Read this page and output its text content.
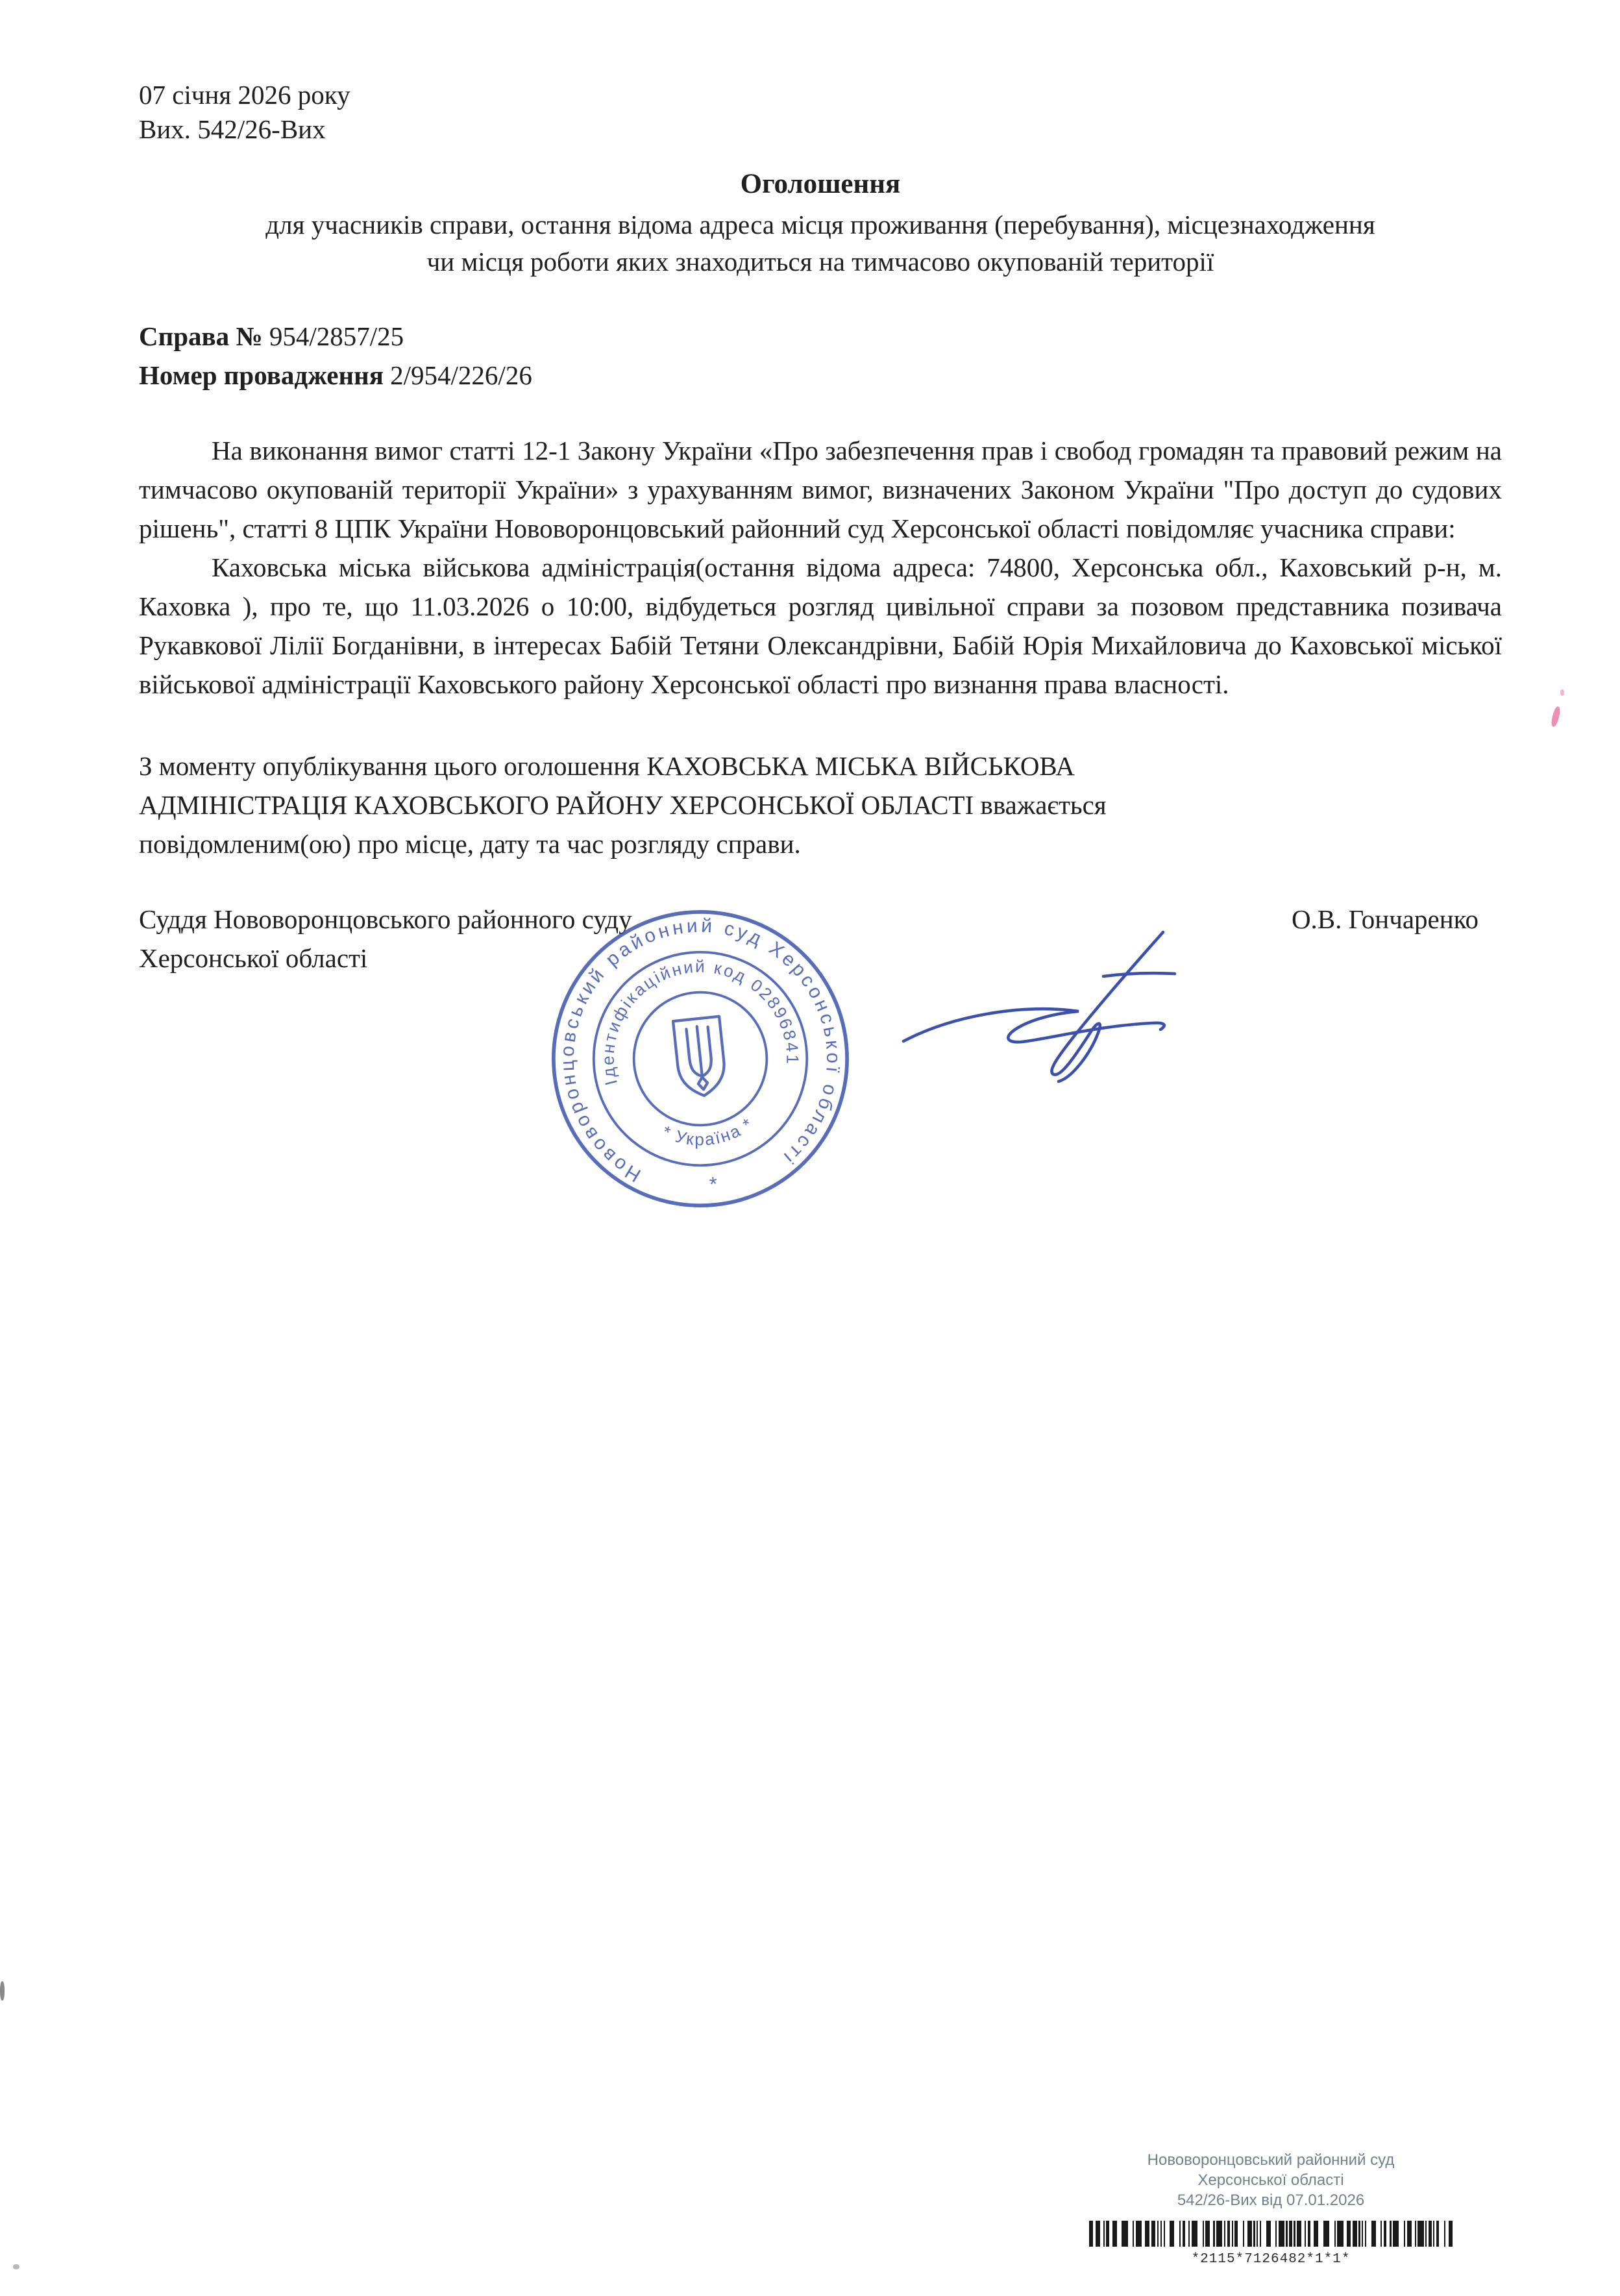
07 січня 2026 року
Вих. 542/26-Вих
Оголошення
для учасників справи, остання відома адреса місця проживання (перебування), місцезнаходження
чи місця роботи яких знаходиться на тимчасово окупованій території

Справа № 954/2857/25

Номер провадження 2/954/226/26

На виконання вимог статті 12-1 Закону України «Про забезпечення прав і свобод громадян та правовий режим на тимчасово окупованій території України» з урахуванням вимог, визначених Законом України "Про доступ до судових рішень", статті 8 ЦПК України Нововоронцовський районний суд Херсонської області повідомляє учасника справи:

Каховська міська військова адміністрація(остання відома адреса: 74800, Херсонська обл., Каховський р-н, м. Каховка ), про те, що 11.03.2026 о 10:00, відбудеться розгляд цивільної справи за позовом представника позивача Рукавкової Лілії Богданівни, в інтересах Бабій Тетяни Олександрівни, Бабій Юрія Михайловича до Каховської міської військової адміністрації Каховського району Херсонської області про визнання права власності.

З моменту опублікування цього оголошення КАХОВСЬКА МІСЬКА ВІЙСЬКОВА
АДМІНІСТРАЦІЯ КАХОВСЬКОГО РАЙОНУ ХЕРСОНСЬКОЇ ОБЛАСТІ вважається
повідомленим(ою) про місце, дату та час розгляду справи.
Суддя Нововоронцовського районного суду
Херсонської області
О.В. Гончаренко
Нововоронцовський районний суд Херсонської області
Ідентифікаційний код 02896841
* Україна *
*
Нововоронцовський районний суд
Херсонської області
542/26-Вих від 07.01.2026
*2115*7126482*1*1*
